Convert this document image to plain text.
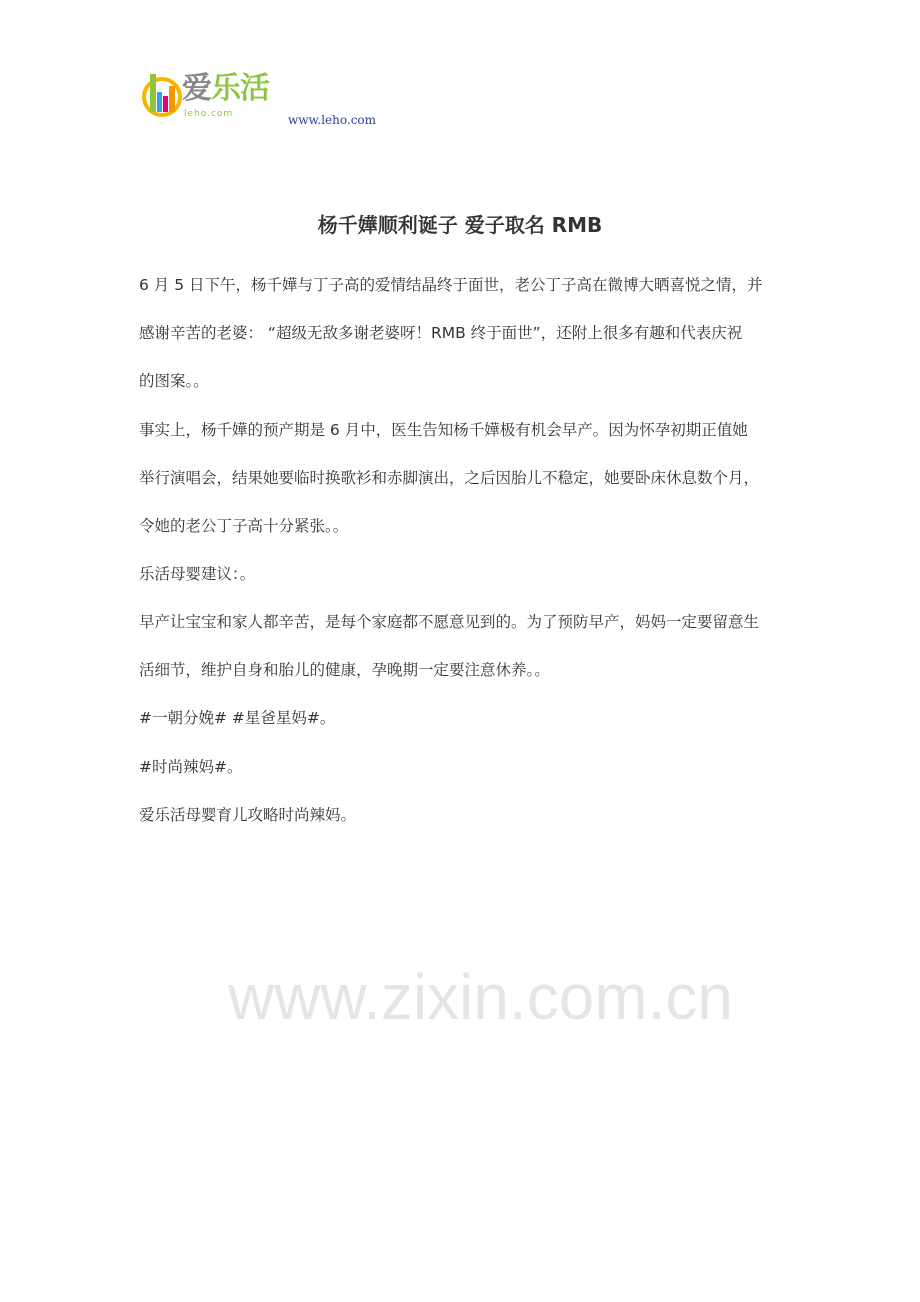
爱乐活
leho.com	www.leho.com
杨千嬅顺利诞子 爱子取名 RMB
6 月 5 日下午，杨千嬅与丁子高的爱情结晶终于面世，老公丁子高在微博大晒喜悦之情，并
感谢辛苦的老婆： “超级无敌多谢老婆呀！RMB 终于面世”，还附上很多有趣和代表庆祝
的图案。。
事实上，杨千嬅的预产期是 6 月中，医生告知杨千嬅极有机会早产。因为怀孕初期正值她
举行演唱会，结果她要临时换歌衫和赤脚演出，之后因胎儿不稳定，她要卧床休息数个月，
令她的老公丁子高十分紧张。。
乐活母婴建议：。
早产让宝宝和家人都辛苦，是每个家庭都不愿意见到的。为了预防早产，妈妈一定要留意生
活细节，维护自身和胎儿的健康，孕晚期一定要注意休养。。
#一朝分娩# #星爸星妈#。
#时尚辣妈#。
爱乐活母婴育儿攻略时尚辣妈。
www.zixin.com.cn
